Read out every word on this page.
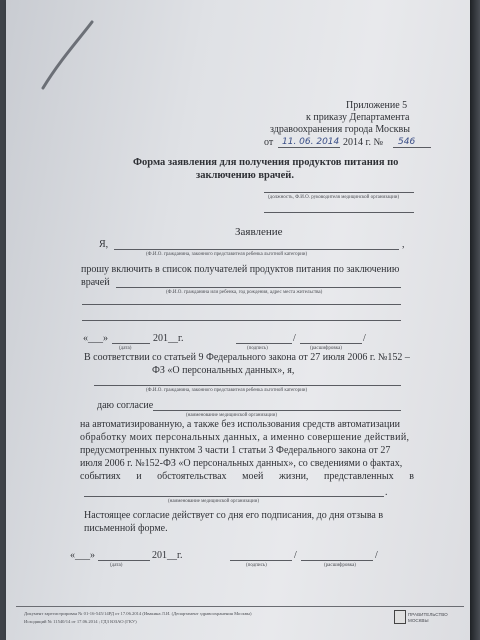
Приложение 5
к приказу Департамента
здравоохранения города Москвы
от 11. 06. 2014 2014 г. № 546
Форма заявления для получения продуктов питания по
заключению врачей.
(должность, Ф.И.О. руководителя медицинской организации)
Заявление
Я,	,
(Ф.И.О. гражданина, законного представителя ребенка льготной категории)
прошу включить в список получателей продуктов питания по заключению
врачей
(Ф.И.О. гражданина или ребенка, год рождения, адрес места жительства)
«___»	201__г.	/	/
(дата)	(подпись)	(расшифровка)
В соответствии со статьей 9 Федерального закона от 27 июля 2006 г. №152 –
ФЗ «О персональных данных», я,
(Ф.И.О. гражданина, законного представителя ребенка льготной категории)
даю согласие
(наименование медицинской организации)
на автоматизированную, а также без использования средств автоматизации
обработку моих персональных данных, а именно совершение действий,
предусмотренных пунктом 3 части 1 статьи 3 Федерального закона от 27
июля 2006 г. №152-ФЗ «О персональных данных», со сведениями о фактах,
событиях и обстоятельствах моей жизни, представленных в
.
(наименование медицинской организации)
Настоящее согласие действует со дня его подписания, до дня отзыва в
письменной форме.
«___»	201__г.	/	/
(дата)	(подпись)	(расшифровка)
Документ зарегистрирован № 01-16-545/14РД от 17.06.2014 (Ивакина Л.И. (Департамент здравоохранения Москвы)
Исходящий № 11540/14 от 17.06.2014 ; ГДЗ ЮЗАО (ГКУ)
ПРАВИТЕЛЬСТВО
МОСКВЫ
